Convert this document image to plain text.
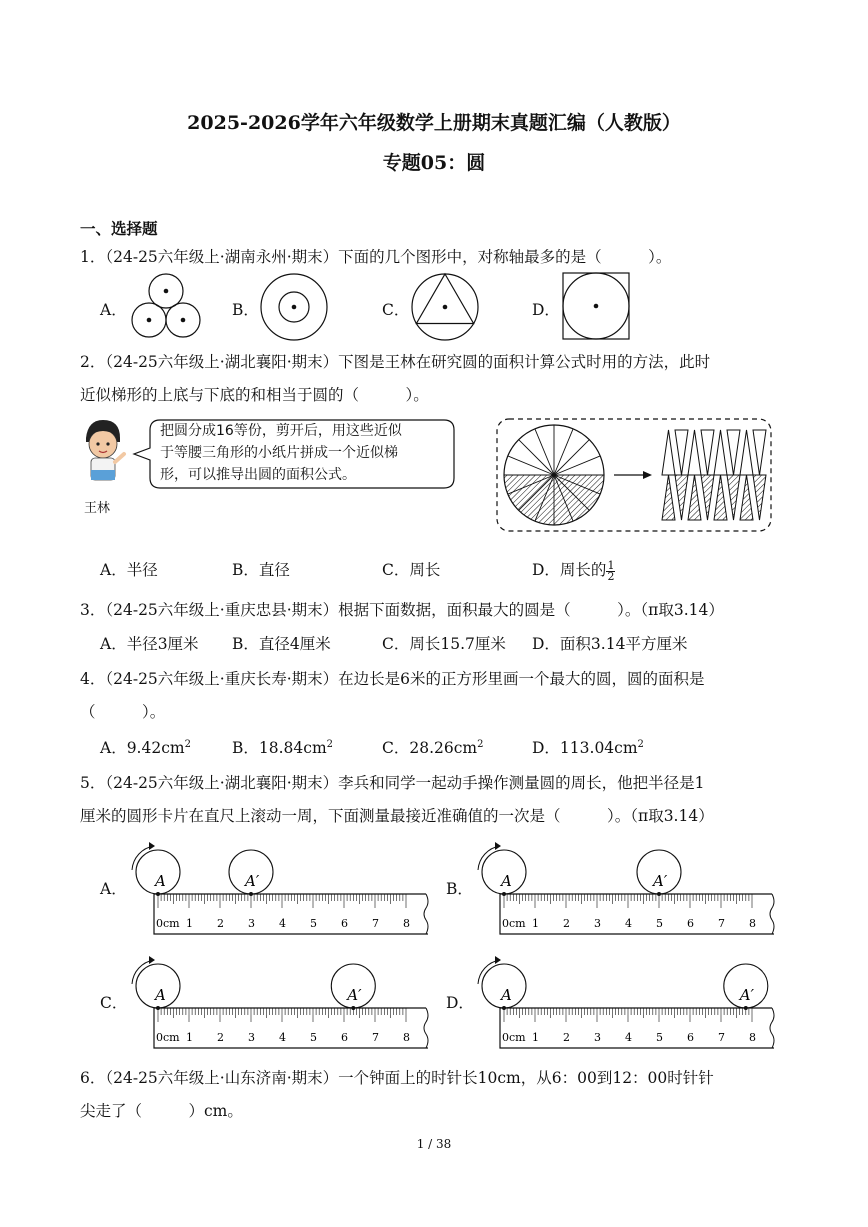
2025-2026学年六年级数学上册期末真题汇编（人教版）
专题05：圆
一、选择题
1．（24-25六年级上·湖南永州·期末）下面的几个图形中，对称轴最多的是（　　　）。
A．	B．	C．	D．
2．（24-25六年级上·湖北襄阳·期末）下图是王林在研究圆的面积计算公式时用的方法，此时
近似梯形的上底与下底的和相当于圆的（　　　）。
王林
把圆分成16等份，剪开后，用这些近似
于等腰三角形的小纸片拼成一个近似梯
形，可以推导出圆的面积公式。
A．半径	B．直径	C．周长	D．周长的 $\frac{1}{2}$
3．（24-25六年级上·重庆忠县·期末）根据下面数据，面积最大的圆是（　　　）。（π取3.14）
A．半径3厘米 B．直径4厘米	C．周长15.7厘米 D．面积3.14平方厘米
4．（24-25六年级上·重庆长寿·期末）在边长是6米的正方形里画一个最大的圆，圆的面积是
（　　　）。
A．$9.42cm^2$	B．$18.84cm^2$	C．$28.26cm^2$	D．$113.04cm^2$
5．（24-25六年级上·湖北襄阳·期末）李兵和同学一起动手操作测量圆的周长，他把半径是1
厘米的圆形卡片在直尺上滚动一周，下面测量最接近准确值的一次是（　　　）。（π取3.14）
A．	B．
C．	D．
0cm 1 2 3 4 5 6 7 8
A	A′
0cm 1 2 3 4 5 6 7 8
A	A′
0cm 1 2 3 4 5 6 7 8
A	A′
0cm 1 2 3 4 5 6 7 8
A	A′
6．（24-25六年级上·山东济南·期末）一个钟面上的时针长10cm，从6：00到12：00时针针
尖走了（　　　）cm。
1 / 38
